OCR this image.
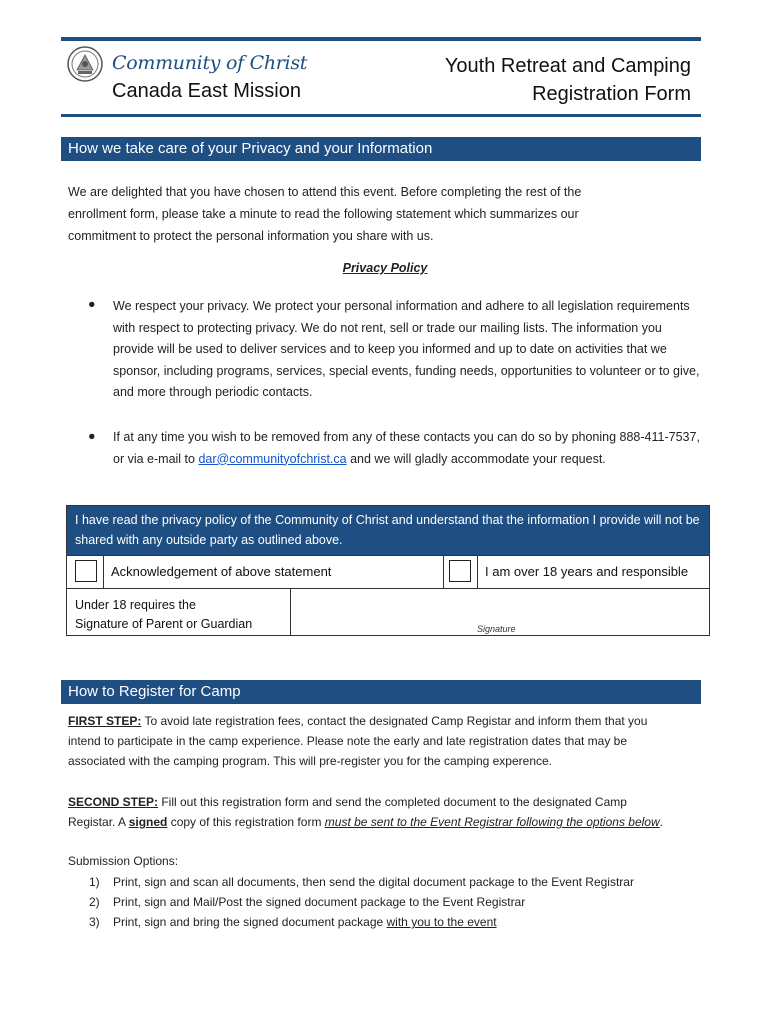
Community of Christ
Canada East Mission
Youth Retreat and Camping
Registration Form
How we take care of your Privacy and your Information
We are delighted that you have chosen to attend this event. Before completing the rest of the
enrollment form, please take a minute to read the following statement which summarizes our
commitment to protect the personal information you share with us.
Privacy Policy
● We respect your privacy. We protect your personal information and adhere to all legislation requirements with respect to protecting privacy. We do not rent, sell or trade our mailing lists. The information you provide will be used to deliver services and to keep you informed and up to date on activities that we sponsor, including programs, services, special events, funding needs, opportunities to volunteer or to give, and more through periodic contacts.
● If at any time you wish to be removed from any of these contacts you can do so by phoning 888-411-7537, or via e-mail to dar@communityofchrist.ca and we will gladly accommodate your request.
I have read the privacy policy of the Community of Christ and understand that the information I provide will not be shared with any outside party as outlined above.
Acknowledgement of above statement	I am over 18 years and responsible
Under 18 requires the
Signature of Parent or Guardian	Signature
How to Register for Camp
FIRST STEP: To avoid late registration fees, contact the designated Camp Registar and inform them that you
intend to participate in the camp experience. Please note the early and late registration dates that may be
associated with the camping program. This will pre-register you for the camping experence.
SECOND STEP: Fill out this registration form and send the completed document to the designated Camp
Registar. A signed copy of this registration form must be sent to the Event Registrar following the options below.
Submission Options:
1) Print, sign and scan all documents, then send the digital document package to the Event Registrar
2) Print, sign and Mail/Post the signed document package to the Event Registrar
3) Print, sign and bring the signed document package with you to the event
